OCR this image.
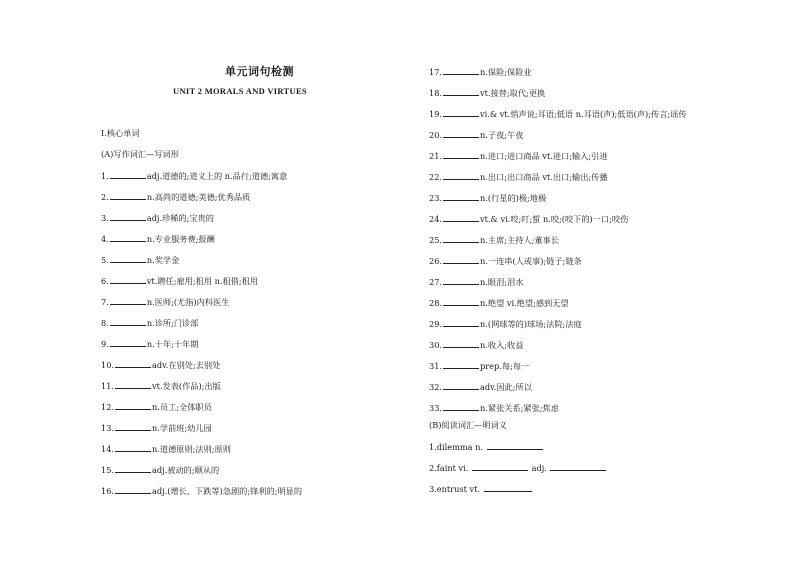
单元词句检测
UNIT 2 MORALS AND VIRTUES
Ⅰ.核心单词
(A)写作词汇—写词形
1.	adj.道德的;道义上的 n.品行;道德;寓意
2.	n.高尚的道德;美德;优秀品质
3.	adj.珍稀的;宝贵的
4.	n.专业服务费;报酬
5.	n.奖学金
6.	vt.聘任;雇用;租用 n.租借;租用
7.	n.医师;(尤指)内科医生
8.	n.诊所;门诊部
9.	n.十年;十年期
10.	adv.在别处;去别处
11.	vt.发表(作品);出版
12.	n.员工;全体职员
13.	n.学前班;幼儿园
14.	n.道德原则;法则;原则
15.	adj.被动的;顺从的
16.	adj.(增长、下跌等)急剧的;锋利的;明显的
17.	n.保险;保险业
18.	vt.接替;取代;更换
19.	vi.& vt.悄声说;耳语;低语 n.耳语(声);低语(声);传言;谣传
20.	n.子夜;午夜
21.	n.进口;进口商品 vt.进口;输入;引进
22.	n.出口;出口商品 vt.出口;输出;传播
23.	n.(行星的)极;地极
24.	vt.& vi.咬;叮;蜇 n.咬;(咬下的)一口;咬伤
25.	n.主席;主持人;董事长
26.	n.一连串(人或事);链子;链条
27.	n.眼泪;泪水
28.	n.绝望 vi.绝望;感到无望
29.	n.(网球等的)球场;法院;法庭
30.	n.收入;收益
31.	prep.每;每一
32.	adv.因此;所以
33.	n.紧张关系;紧张;焦虑
(B)阅读词汇—明词义
1.dilemma n.
2.faint vi.	adj.
3.entrust vt.
